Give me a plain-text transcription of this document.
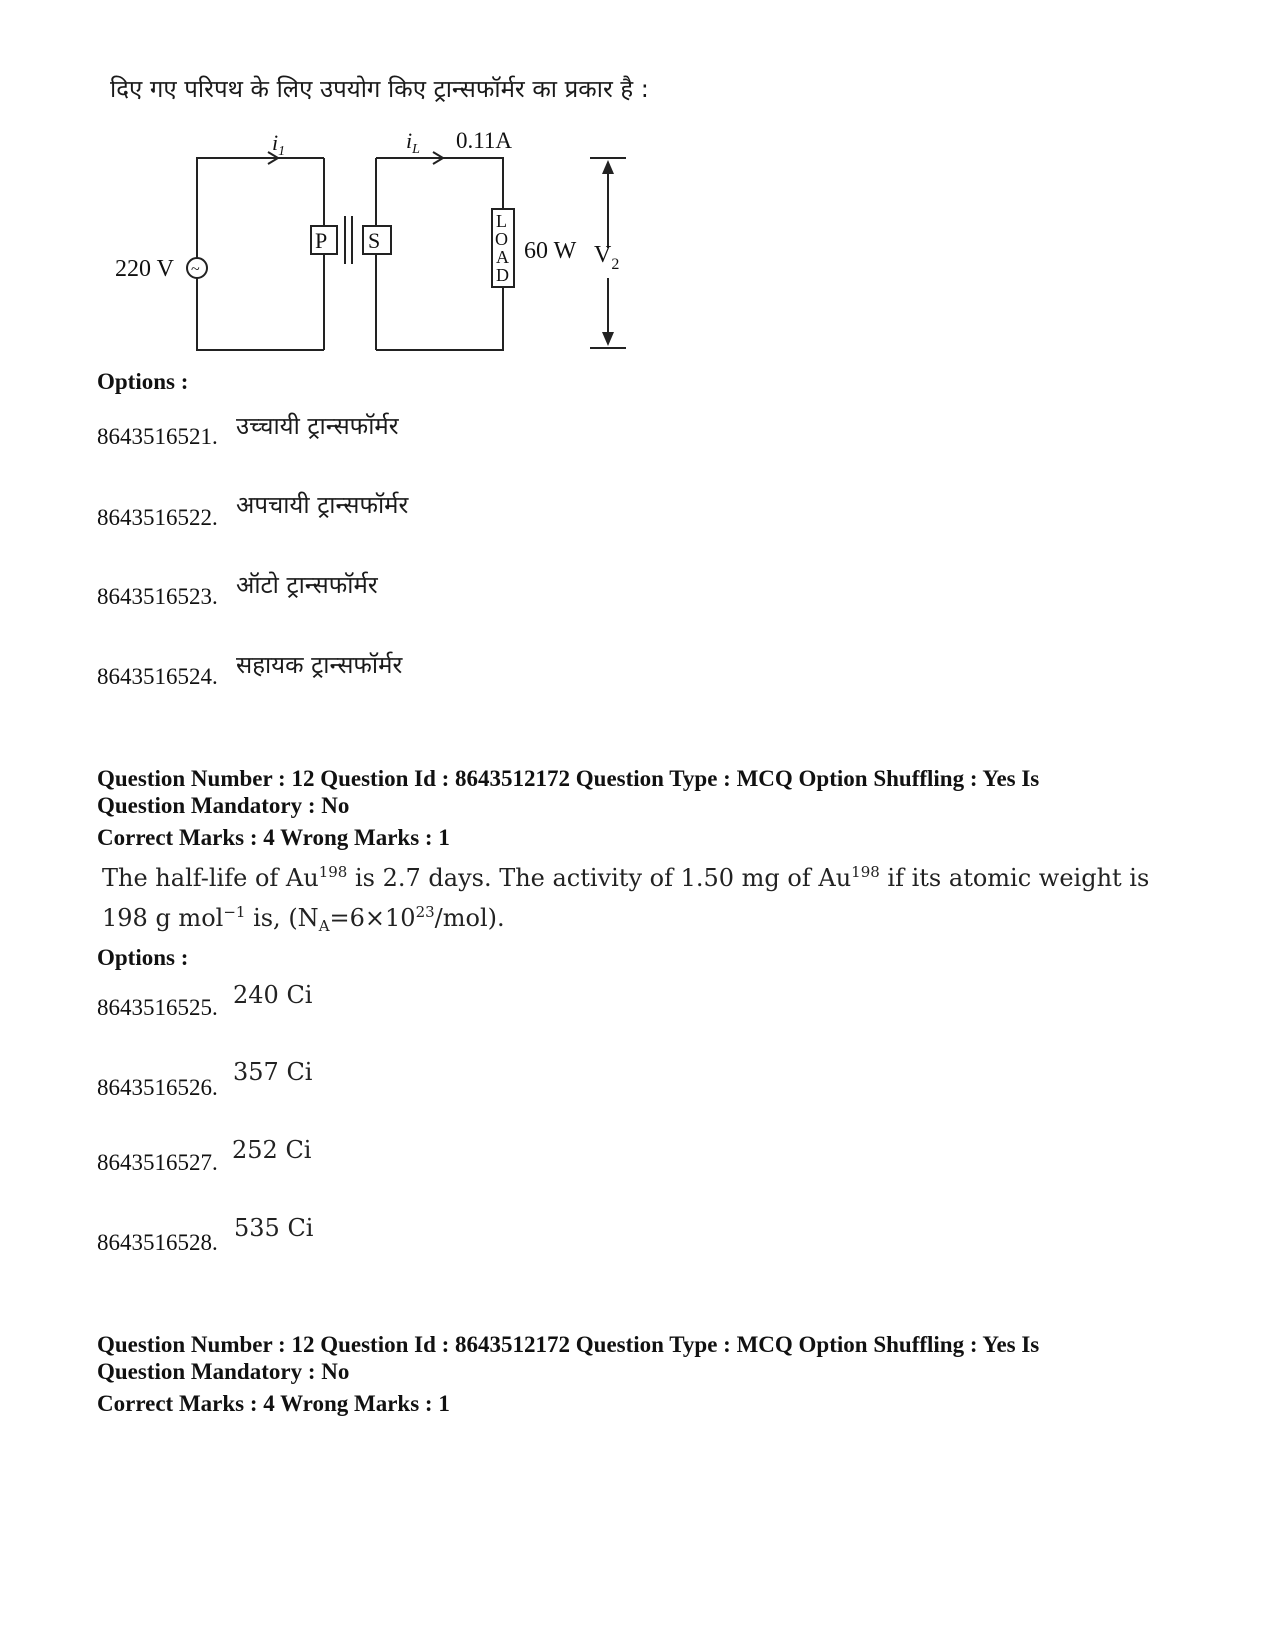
दिए गए परिपथ के लिए उपयोग किए ट्रान्सफॉर्मर का प्रकार है :
$i_1$
~
220 V
P S
$i_L$ 0.11A
L
O
A
D
60 W $V_2$
Options :
8643516521. उच्चायी ट्रान्सफॉर्मर
8643516522. अपचायी ट्रान्सफॉर्मर
8643516523. ऑटो ट्रान्सफॉर्मर
8643516524. सहायक ट्रान्सफॉर्मर
Question Number : 12 Question Id : 8643512172 Question Type : MCQ Option Shuffling : Yes Is
Question Mandatory : No
Correct Marks : 4 Wrong Marks : 1
The half-life of Au$^{198}$ is 2.7 days. The activity of 1.50 mg of Au$^{198}$ if its atomic weight is
198 g mol$^{-1}$ is, $(N_A=6\times 10^{23}/mol)$.
Options :
8643516525. 240 Ci
8643516526.
357 Ci
8643516527. 252 Ci
8643516528.
535 Ci
Question Number : 12 Question Id : 8643512172 Question Type : MCQ Option Shuffling : Yes Is
Question Mandatory : No
Correct Marks : 4 Wrong Marks : 1
